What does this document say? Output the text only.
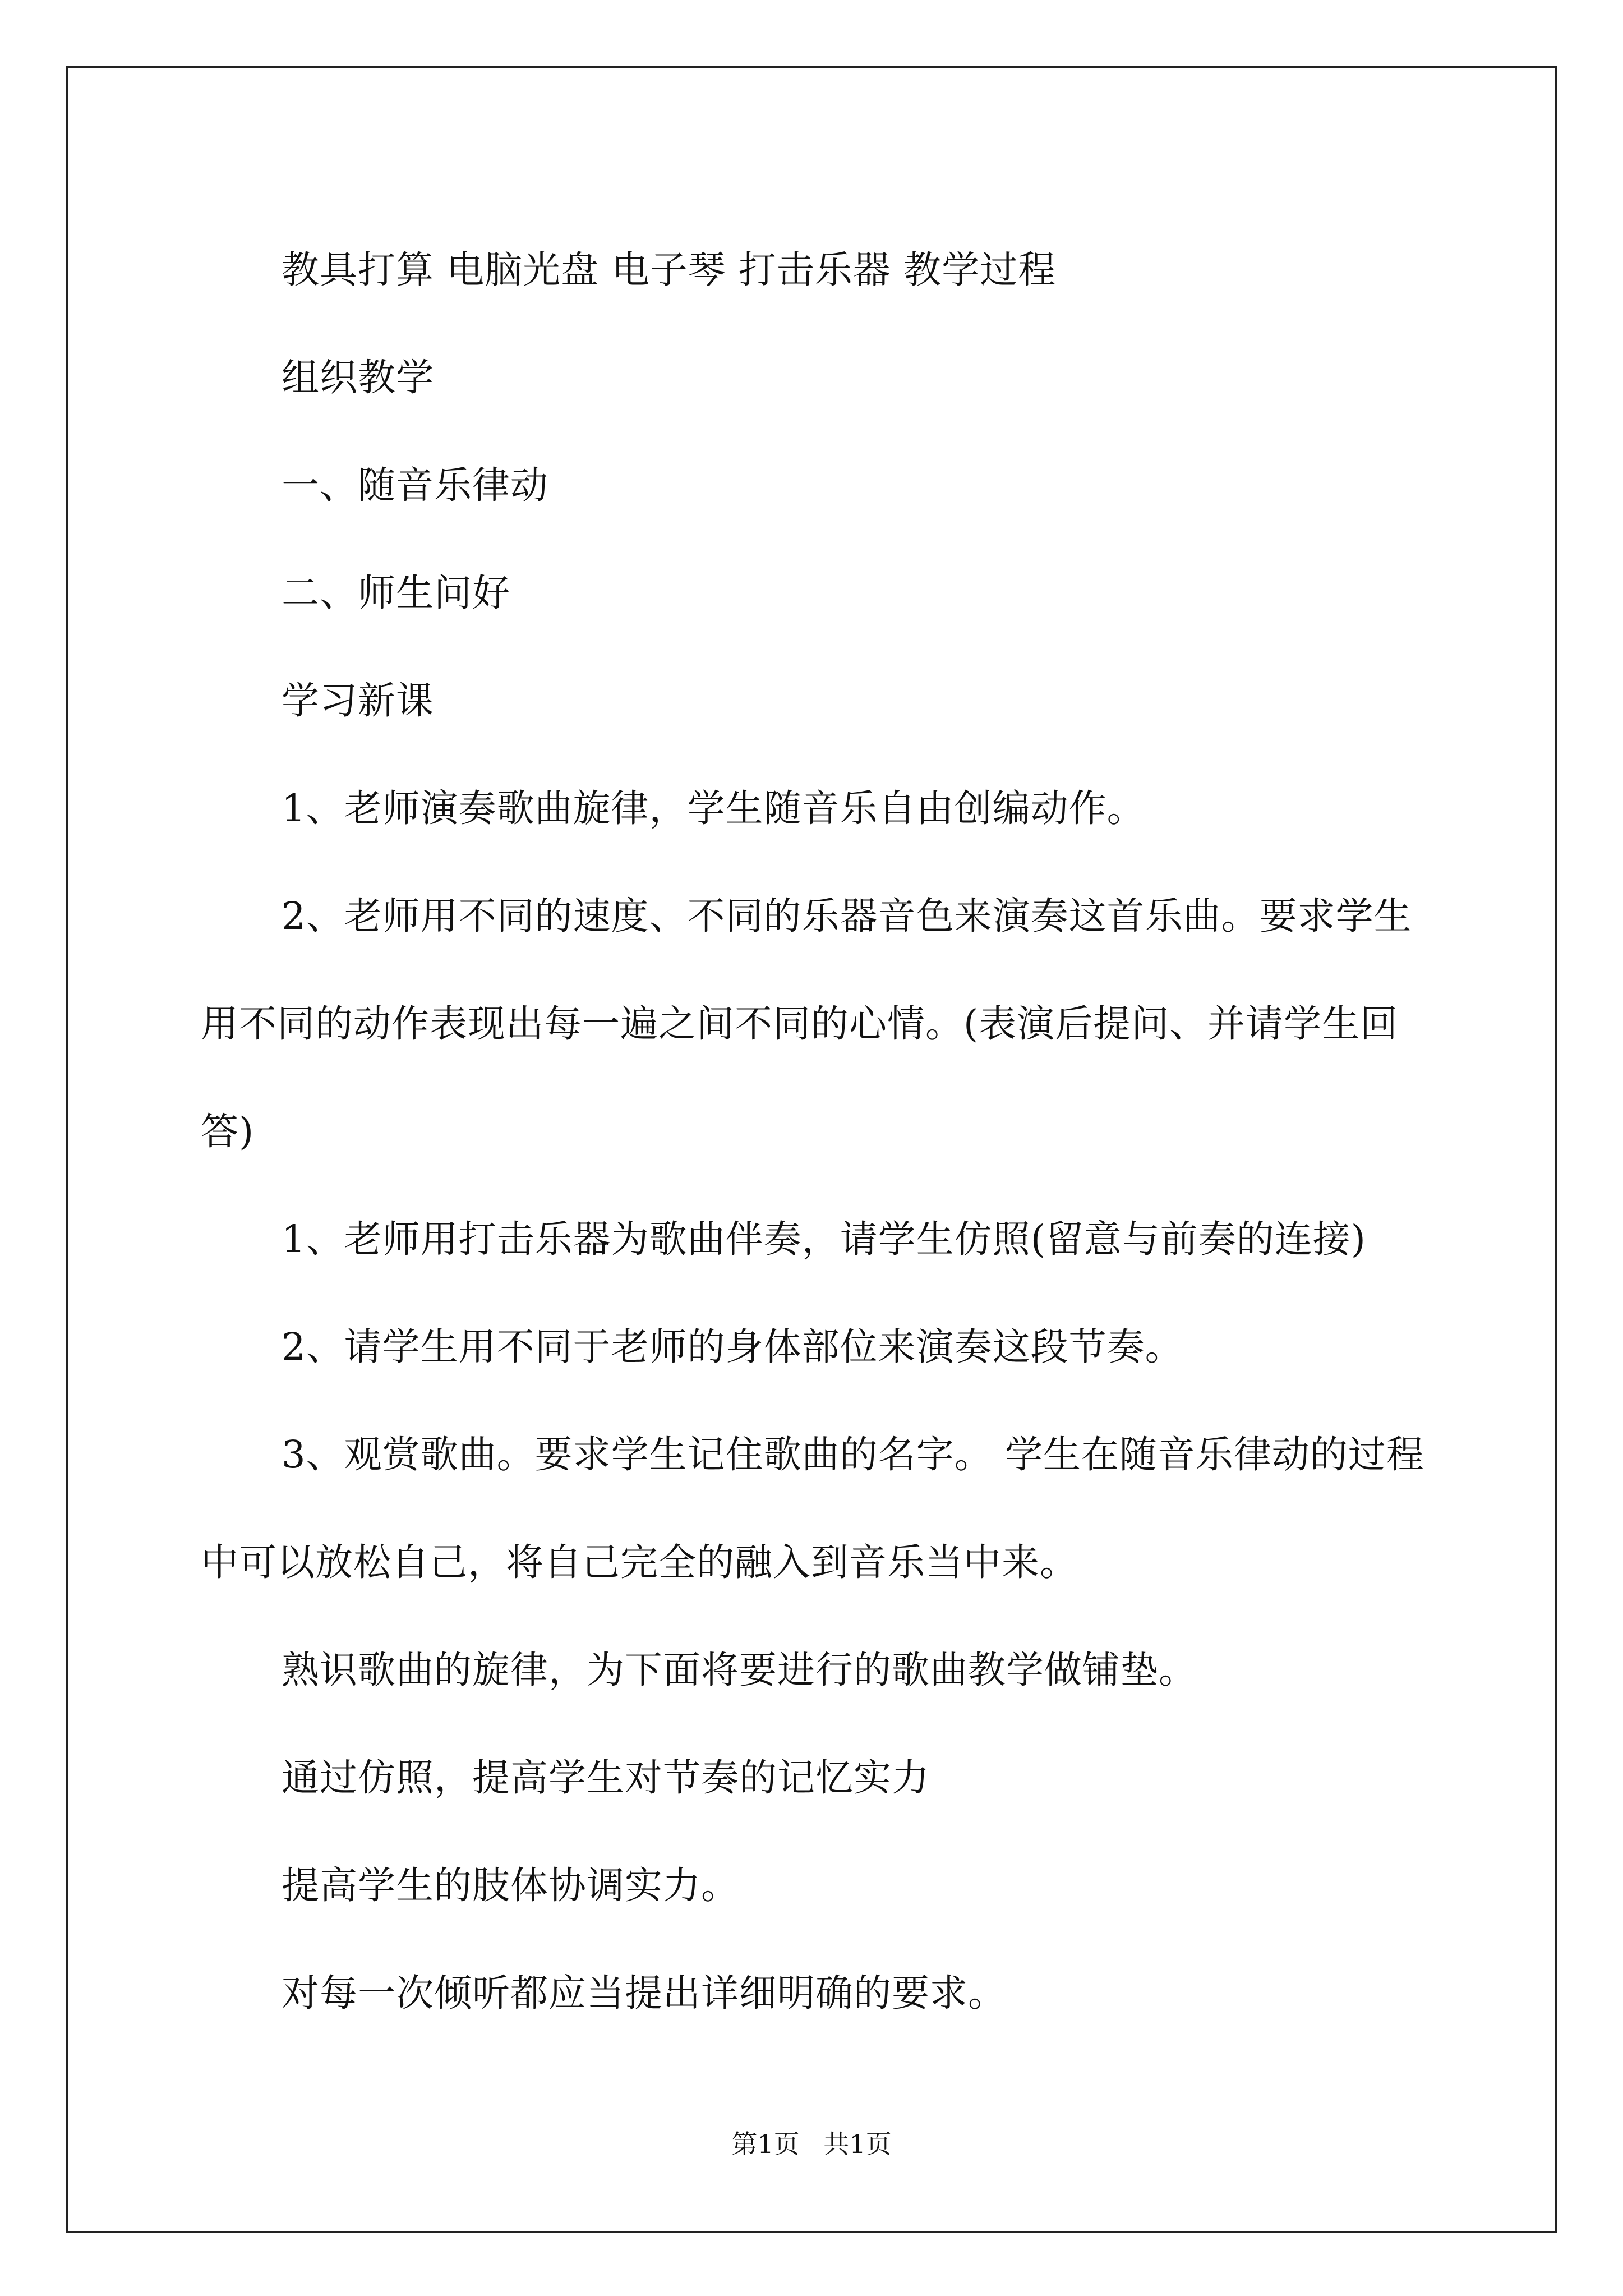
教具打算 电脑光盘 电子琴 打击乐器 教学过程

组织教学

一、随音乐律动

二、师生问好

学习新课

1、老师演奏歌曲旋律，学生随音乐自由创编动作。

2、老师用不同的速度、不同的乐器音色来演奏这首乐曲。要求学生用不同的动作表现出每一遍之间不同的心情。(表演后提问、并请学生回答)

1、老师用打击乐器为歌曲伴奏，请学生仿照(留意与前奏的连接)

2、请学生用不同于老师的身体部位来演奏这段节奏。

3、观赏歌曲。要求学生记住歌曲的名字。 学生在随音乐律动的过程中可以放松自己，将自己完全的融入到音乐当中来。

熟识歌曲的旋律，为下面将要进行的歌曲教学做铺垫。

通过仿照，提高学生对节奏的记忆实力

提高学生的肢体协调实力。

对每一次倾听都应当提出详细明确的要求。

第1页 共1页
